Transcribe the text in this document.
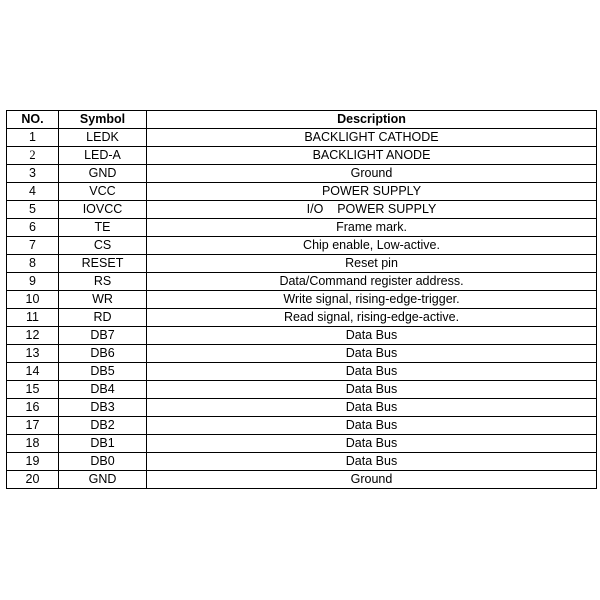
NO.	Symbol	Description
1	LEDK	BACKLIGHT CATHODE
2	LED-A	BACKLIGHT ANODE
3	GND	Ground
4	VCC	POWER SUPPLY
5	IOVCC	I/O    POWER SUPPLY
6	TE	Frame mark.
7	CS	Chip enable, Low-active.
8	RESET	Reset pin
9	RS	Data/Command register address.
10	WR	Write signal, rising-edge-trigger.
11	RD	Read signal, rising-edge-active.
12	DB7	Data Bus
13	DB6	Data Bus
14	DB5	Data Bus
15	DB4	Data Bus
16	DB3	Data Bus
17	DB2	Data Bus
18	DB1	Data Bus
19	DB0	Data Bus
20	GND	Ground
